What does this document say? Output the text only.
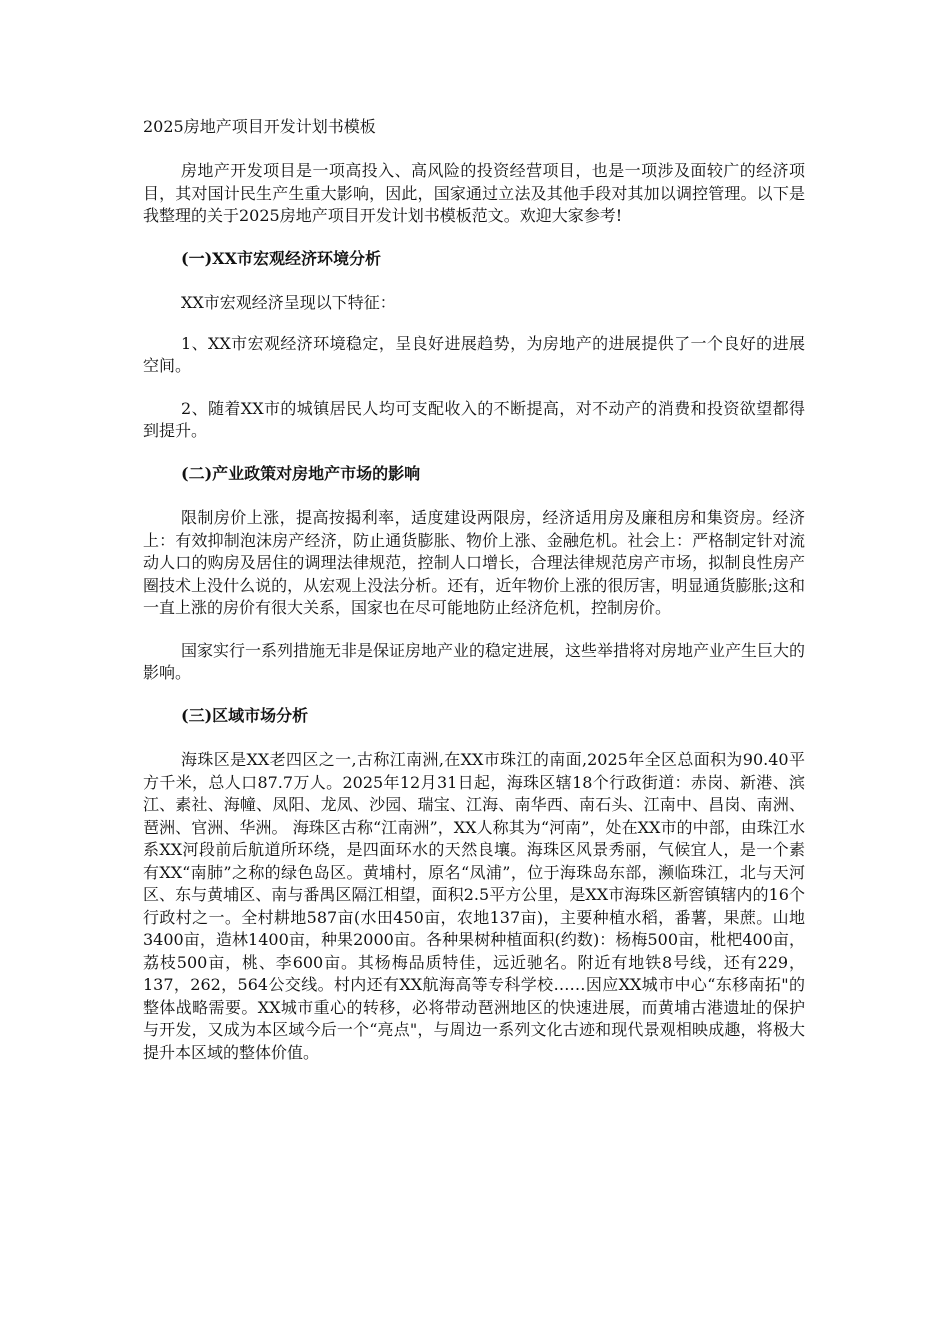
2025房地产项目开发计划书模板

房地产开发项目是一项高投入、高风险的投资经营项目，也是一项涉及面较广的经济项目，其对国计民生产生重大影响，因此，国家通过立法及其他手段对其加以调控管理。以下是我整理的关于2025房地产项目开发计划书模板范文。欢迎大家参考!

(一)XX市宏观经济环境分析

XX市宏观经济呈现以下特征：

1、XX市宏观经济环境稳定，呈良好进展趋势，为房地产的进展提供了一个良好的进展空间。

2、随着XX市的城镇居民人均可支配收入的不断提高，对不动产的消费和投资欲望都得到提升。

(二)产业政策对房地产市场的影响

限制房价上涨，提高按揭利率，适度建设两限房，经济适用房及廉租房和集资房。经济上：有效抑制泡沫房产经济，防止通货膨胀、物价上涨、金融危机。社会上：严格制定针对流动人口的购房及居住的调理法律规范，控制人口增长，合理法律规范房产市场，拟制良性房产圈技术上没什么说的，从宏观上没法分析。还有，近年物价上涨的很厉害，明显通货膨胀;这和一直上涨的房价有很大关系，国家也在尽可能地防止经济危机，控制房价。

国家实行一系列措施无非是保证房地产业的稳定进展，这些举措将对房地产业产生巨大的影响。

(三)区域市场分析

海珠区是XX老四区之一,古称江南洲,在XX市珠江的南面,2025年全区总面积为90.40平方千米，总人口87.7万人。2025年12月31日起，海珠区辖18个行政街道：赤岗、新港、滨江、素社、海幢、凤阳、龙凤、沙园、瑞宝、江海、南华西、南石头、江南中、昌岗、南洲、琶洲、官洲、华洲。 海珠区古称“江南洲”，XX人称其为“河南”，处在XX市的中部，由珠江水系XX河段前后航道所环绕，是四面环水的天然良壤。海珠区风景秀丽，气候宜人，是一个素有XX“南肺”之称的绿色岛区。黄埔村，原名“凤浦”，位于海珠岛东部，濒临珠江，北与天河区、东与黄埔区、南与番禺区隔江相望，面积2.5平方公里，是XX市海珠区新窖镇辖内的16个行政村之一。全村耕地587亩(水田450亩，农地137亩)，主要种植水稻，番薯，果蔗。山地3400亩，造林1400亩，种果2000亩。各种果树种植面积(约数)：杨梅500亩，枇杷400亩，荔枝500亩，桃、李600亩。其杨梅品质特佳，远近驰名。附近有地铁8号线，还有229，137，262，564公交线。村内还有XX航海高等专科学校……因应XX城市中心“东移南拓"的整体战略需要。XX城市重心的转移，必将带动琶洲地区的快速进展，而黄埔古港遗址的保护与开发，又成为本区域今后一个“亮点"，与周边一系列文化古迹和现代景观相映成趣，将极大提升本区域的整体价值。
